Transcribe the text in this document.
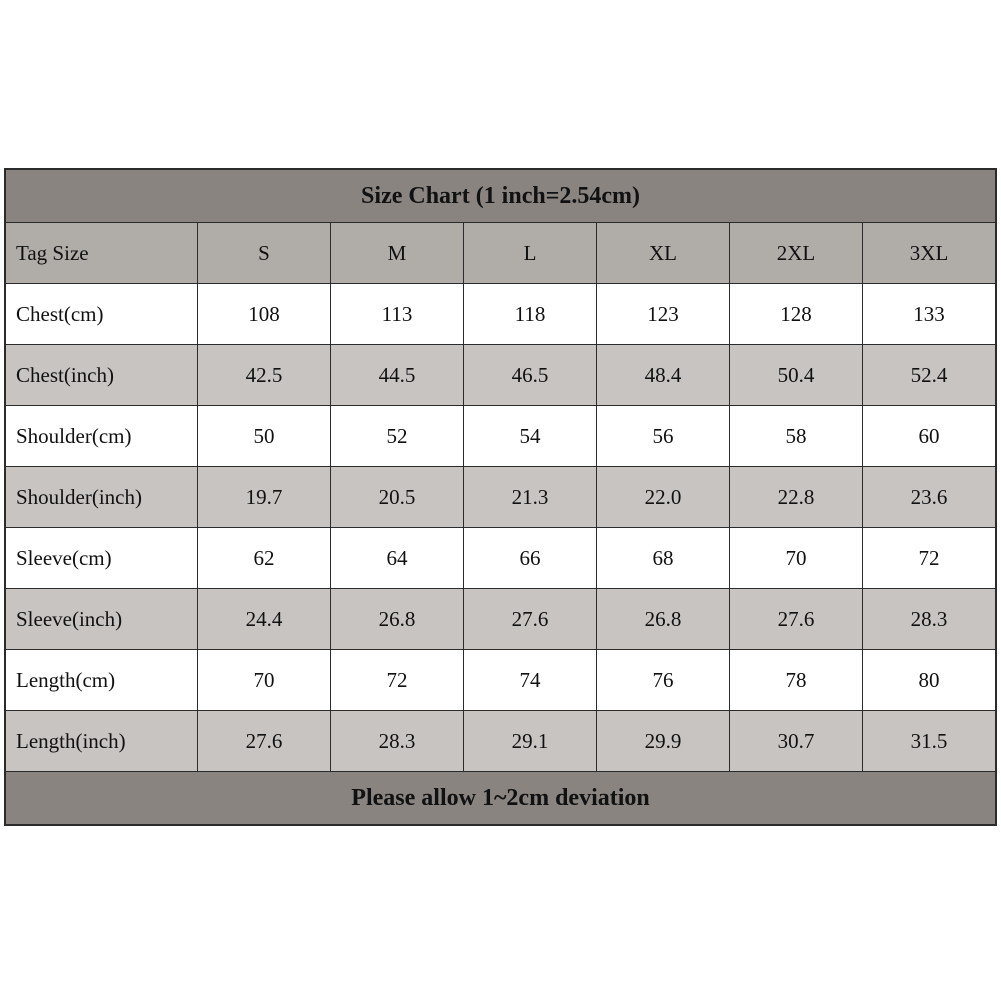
Size Chart (1 inch=2.54cm)						
Tag Size	S	M	L	XL	2XL	3XL
Chest(cm)	108	113	118	123	128	133
Chest(inch)	42.5	44.5	46.5	48.4	50.4	52.4
Shoulder(cm)	50	52	54	56	58	60
Shoulder(inch)	19.7	20.5	21.3	22.0	22.8	23.6
Sleeve(cm)	62	64	66	68	70	72
Sleeve(inch)	24.4	26.8	27.6	26.8	27.6	28.3
Length(cm)	70	72	74	76	78	80
Length(inch)	27.6	28.3	29.1	29.9	30.7	31.5
Please allow 1~2cm deviation						
